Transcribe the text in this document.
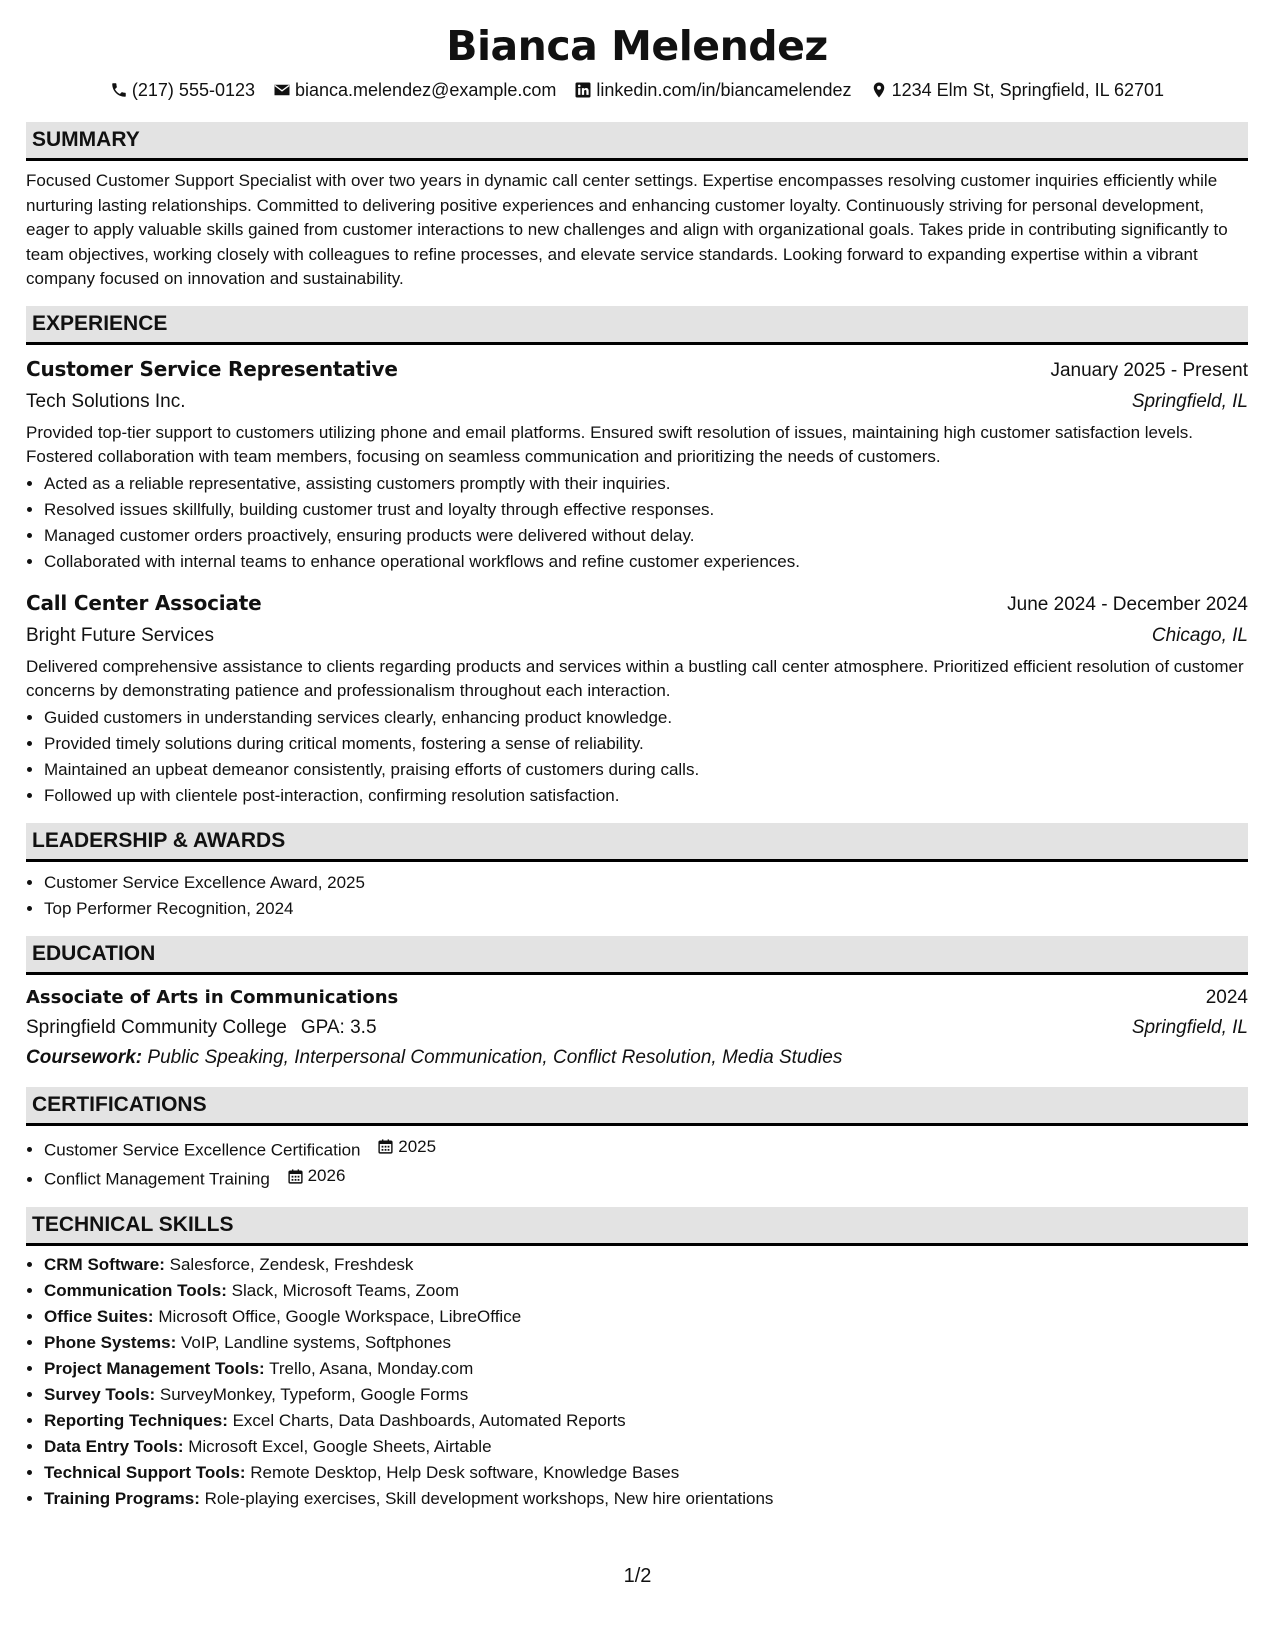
Bianca Melendez
(217) 555-0123 bianca.melendez@example.com linkedin.com/in/biancamelendez 1234 Elm St, Springfield, IL 62701
SUMMARY
Focused Customer Support Specialist with over two years in dynamic call center settings. Expertise encompasses resolving customer inquiries efficiently while nurturing lasting relationships. Committed to delivering positive experiences and enhancing customer loyalty. Continuously striving for personal development, eager to apply valuable skills gained from customer interactions to new challenges and align with organizational goals. Takes pride in contributing significantly to team objectives, working closely with colleagues to refine processes, and elevate service standards. Looking forward to expanding expertise within a vibrant company focused on innovation and sustainability.
EXPERIENCE
Customer Service Representative	January 2025 - Present
Tech Solutions Inc.	Springfield, IL
Provided top-tier support to customers utilizing phone and email platforms. Ensured swift resolution of issues, maintaining high customer satisfaction levels. Fostered collaboration with team members, focusing on seamless communication and prioritizing the needs of customers.
• Acted as a reliable representative, assisting customers promptly with their inquiries.
• Resolved issues skillfully, building customer trust and loyalty through effective responses.
• Managed customer orders proactively, ensuring products were delivered without delay.
• Collaborated with internal teams to enhance operational workflows and refine customer experiences.
Call Center Associate	June 2024 - December 2024
Bright Future Services	Chicago, IL
Delivered comprehensive assistance to clients regarding products and services within a bustling call center atmosphere. Prioritized efficient resolution of customer concerns by demonstrating patience and professionalism throughout each interaction.
• Guided customers in understanding services clearly, enhancing product knowledge.
• Provided timely solutions during critical moments, fostering a sense of reliability.
• Maintained an upbeat demeanor consistently, praising efforts of customers during calls.
• Followed up with clientele post-interaction, confirming resolution satisfaction.
LEADERSHIP & AWARDS
• Customer Service Excellence Award, 2025
• Top Performer Recognition, 2024
EDUCATION
Associate of Arts in Communications	2024
Springfield Community College GPA: 3.5	Springfield, IL
Coursework: Public Speaking, Interpersonal Communication, Conflict Resolution, Media Studies
CERTIFICATIONS
• Customer Service Excellence Certification 2025
• Conflict Management Training 2026
TECHNICAL SKILLS
• CRM Software: Salesforce, Zendesk, Freshdesk
• Communication Tools: Slack, Microsoft Teams, Zoom
• Office Suites: Microsoft Office, Google Workspace, LibreOffice
• Phone Systems: VoIP, Landline systems, Softphones
• Project Management Tools: Trello, Asana, Monday.com
• Survey Tools: SurveyMonkey, Typeform, Google Forms
• Reporting Techniques: Excel Charts, Data Dashboards, Automated Reports
• Data Entry Tools: Microsoft Excel, Google Sheets, Airtable
• Technical Support Tools: Remote Desktop, Help Desk software, Knowledge Bases
• Training Programs: Role-playing exercises, Skill development workshops, New hire orientations
1/2
